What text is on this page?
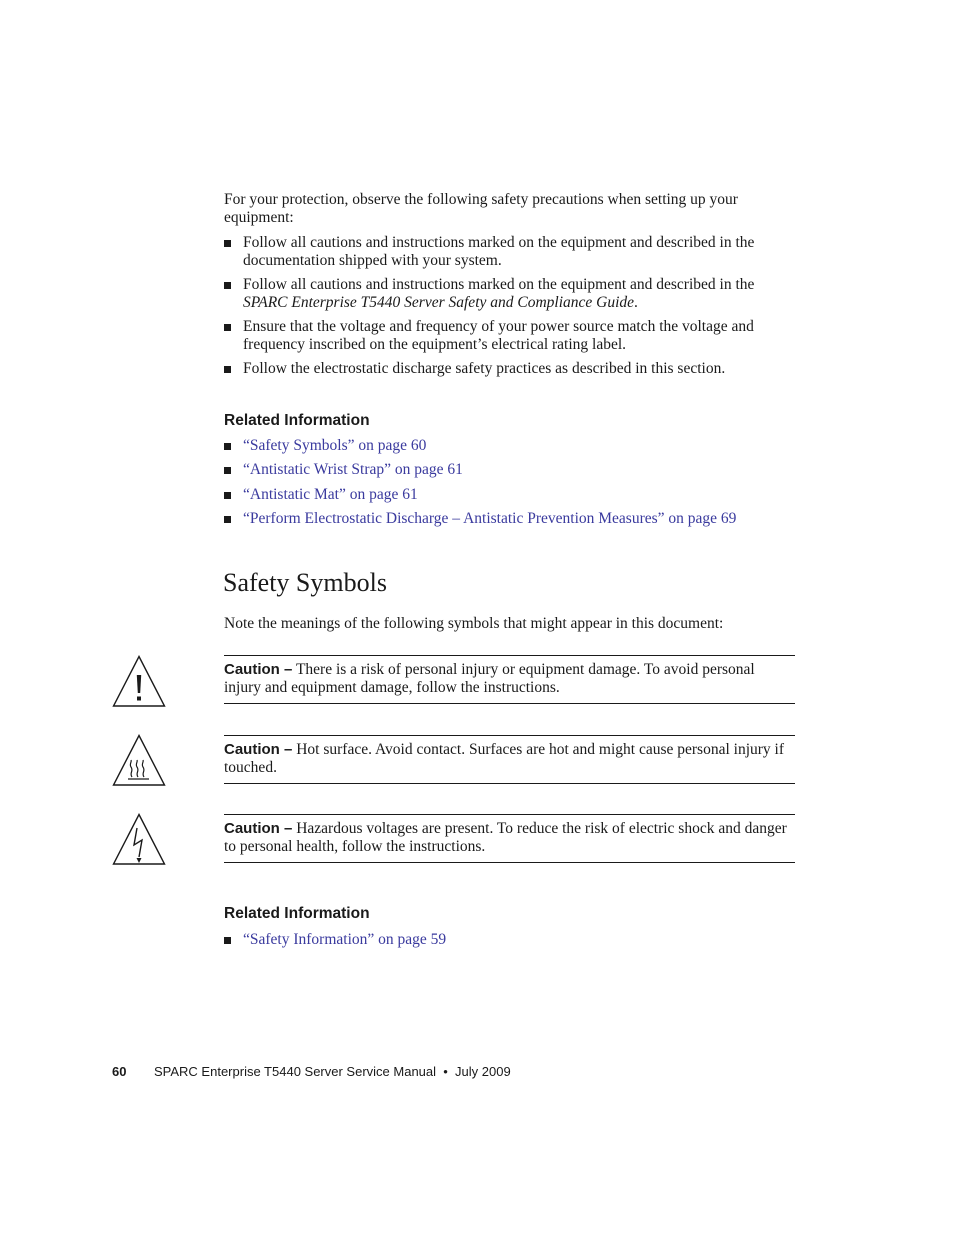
For your protection, observe the following safety precautions when setting up your equipment:
Follow all cautions and instructions marked on the equipment and described in the documentation shipped with your system.
Follow all cautions and instructions marked on the equipment and described in the SPARC Enterprise T5440 Server Safety and Compliance Guide.
Ensure that the voltage and frequency of your power source match the voltage and frequency inscribed on the equipment’s electrical rating label.
Follow the electrostatic discharge safety practices as described in this section.
Related Information
“Safety Symbols” on page 60
“Antistatic Wrist Strap” on page 61
“Antistatic Mat” on page 61
“Perform Electrostatic Discharge – Antistatic Prevention Measures” on page 69
Safety Symbols
Note the meanings of the following symbols that might appear in this document:
Caution – There is a risk of personal injury or equipment damage. To avoid personal injury and equipment damage, follow the instructions.
Caution – Hot surface. Avoid contact. Surfaces are hot and might cause personal injury if touched.
Caution – Hazardous voltages are present. To reduce the risk of electric shock and danger to personal health, follow the instructions.
Related Information
“Safety Information” on page 59
60 SPARC Enterprise T5440 Server Service Manual  •  July 2009
